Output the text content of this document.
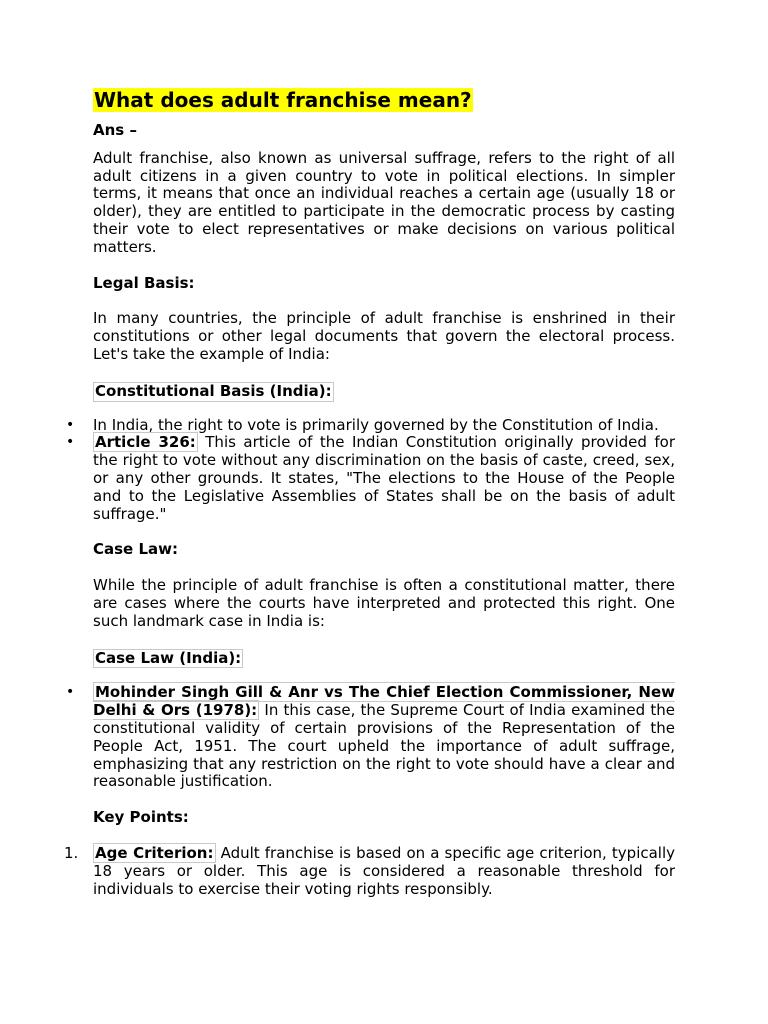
What does adult franchise mean?
Ans –

Adult franchise, also known as universal suffrage, refers to the right of all adult citizens in a given country to vote in political elections. In simpler terms, it means that once an individual reaches a certain age (usually 18 or older), they are entitled to participate in the democratic process by casting their vote to elect representatives or make decisions on various political matters.

Legal Basis:

In many countries, the principle of adult franchise is enshrined in their constitutions or other legal documents that govern the electoral process. Let's take the example of India:

Constitutional Basis (India):
• In India, the right to vote is primarily governed by the Constitution of India.
• Article 326: This article of the Indian Constitution originally provided for the right to vote without any discrimination on the basis of caste, creed, sex, or any other grounds. It states, "The elections to the House of the People and to the Legislative Assemblies of States shall be on the basis of adult suffrage."
Case Law:

While the principle of adult franchise is often a constitutional matter, there are cases where the courts have interpreted and protected this right. One such landmark case in India is:

Case Law (India):
• Mohinder Singh Gill & Anr vs The Chief Election Commissioner, New Delhi & Ors (1978): In this case, the Supreme Court of India examined the constitutional validity of certain provisions of the Representation of the People Act, 1951. The court upheld the importance of adult suffrage, emphasizing that any restriction on the right to vote should have a clear and reasonable justification.
Key Points:
1. Age Criterion: Adult franchise is based on a specific age criterion, typically 18 years or older. This age is considered a reasonable threshold for individuals to exercise their voting rights responsibly.
